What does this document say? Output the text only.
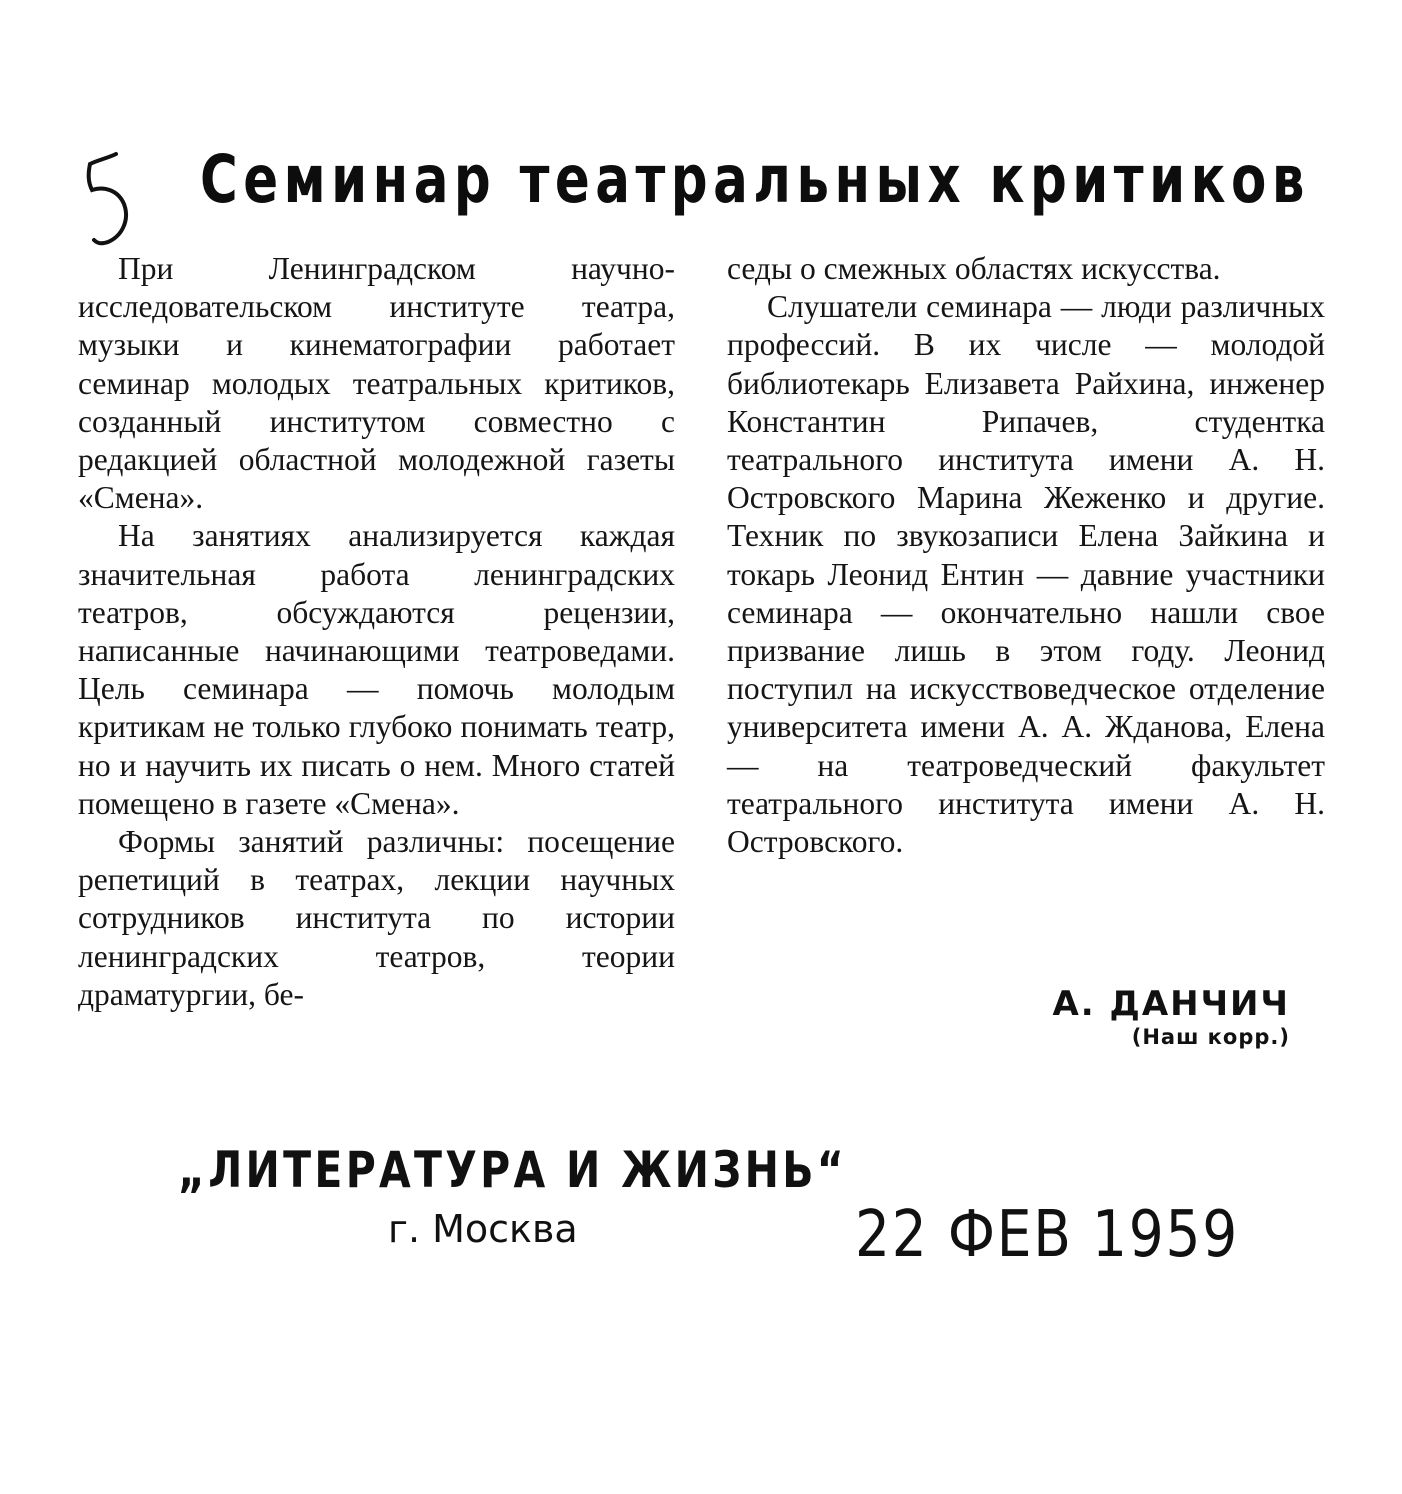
Семинар театральных критиков

При Ленинградском научно-исследовательском институте театра, музыки и кинематографии работает семинар молодых театральных критиков, созданный институтом совместно с редакцией областной молодежной газеты «Смена».

На занятиях анализируется каждая значительная работа ленинградских театров, обсуждаются рецензии, написанные начинающими театроведами. Цель семинара — помочь молодым критикам не только глубоко понимать театр, но и научить их писать о нем. Много статей помещено в газете «Смена».

Формы занятий различны: посещение репетиций в театрах, лекции научных сотрудников института по истории ленинградских театров, теории драматургии, бе-

седы о смежных областях искусства.

Слушатели семинара — люди различных профессий. В их числе — молодой библиотекарь Елизавета Райхина, инженер Константин Рипачев, студентка театрального института имени А. Н. Островского Марина Жеженко и другие. Техник по звукозаписи Елена Зайкина и токарь Леонид Ентин — давние участники семинара — окончательно нашли свое призвание лишь в этом году. Леонид поступил на искусствоведческое отделение университета имени А. А. Жданова, Елена — на театроведческий факультет театрального института имени А. Н. Островского.

А. ДАНЧИЧ
(Наш корр.)
„ЛИТЕРАТУРА И ЖИЗНЬ“
г. Москва	22 ФЕВ 1959
